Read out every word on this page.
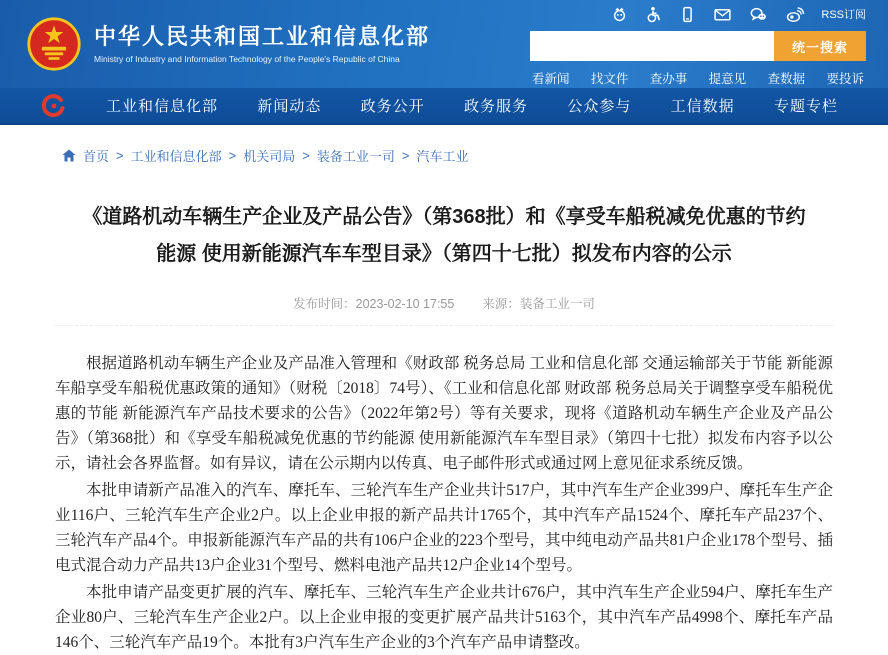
中华人民共和国工业和信息化部
Ministry of Industry and Information Technology of the People's Republic of China
RSS订阅
统一搜索
看新闻 找文件 查办事 提意见 查数据 要投诉
工业和信息化部	新闻动态	政务公开	政务服务	公众参与	工信数据	专题专栏
首页 > 工业和信息化部 > 机关司局 > 装备工业一司 > 汽车工业
《道路机动车辆生产企业及产品公告》（第368批）和《享受车船税减免优惠的节约能源 使用新能源汽车车型目录》（第四十七批）拟发布内容的公示
发布时间：2023-02-10 17:55 来源：装备工业一司

根据道路机动车辆生产企业及产品准入管理和《财政部 税务总局 工业和信息化部 交通运输部关于节能 新能源车船享受车船税优惠政策的通知》（财税〔2018〕74号）、《工业和信息化部 财政部 税务总局关于调整享受车船税优惠的节能 新能源汽车产品技术要求的公告》（2022年第2号）等有关要求，现将《道路机动车辆生产企业及产品公告》（第368批）和《享受车船税减免优惠的节约能源 使用新能源汽车车型目录》（第四十七批）拟发布内容予以公示，请社会各界监督。如有异议，请在公示期内以传真、电子邮件形式或通过网上意见征求系统反馈。

本批申请新产品准入的汽车、摩托车、三轮汽车生产企业共计517户，其中汽车生产企业399户、摩托车生产企业116户、三轮汽车生产企业2户。以上企业申报的新产品共计1765个，其中汽车产品1524个、摩托车产品237个、三轮汽车产品4个。申报新能源汽车产品的共有106户企业的223个型号，其中纯电动产品共81户企业178个型号、插电式混合动力产品共13户企业31个型号、燃料电池产品共12户企业14个型号。

本批申请产品变更扩展的汽车、摩托车、三轮汽车生产企业共计676户，其中汽车生产企业594户、摩托车生产企业80户、三轮汽车生产企业2户。以上企业申报的变更扩展产品共计5163个，其中汽车产品4998个、摩托车产品146个、三轮汽车产品19个。本批有3户汽车生产企业的3个汽车产品申请整改。
